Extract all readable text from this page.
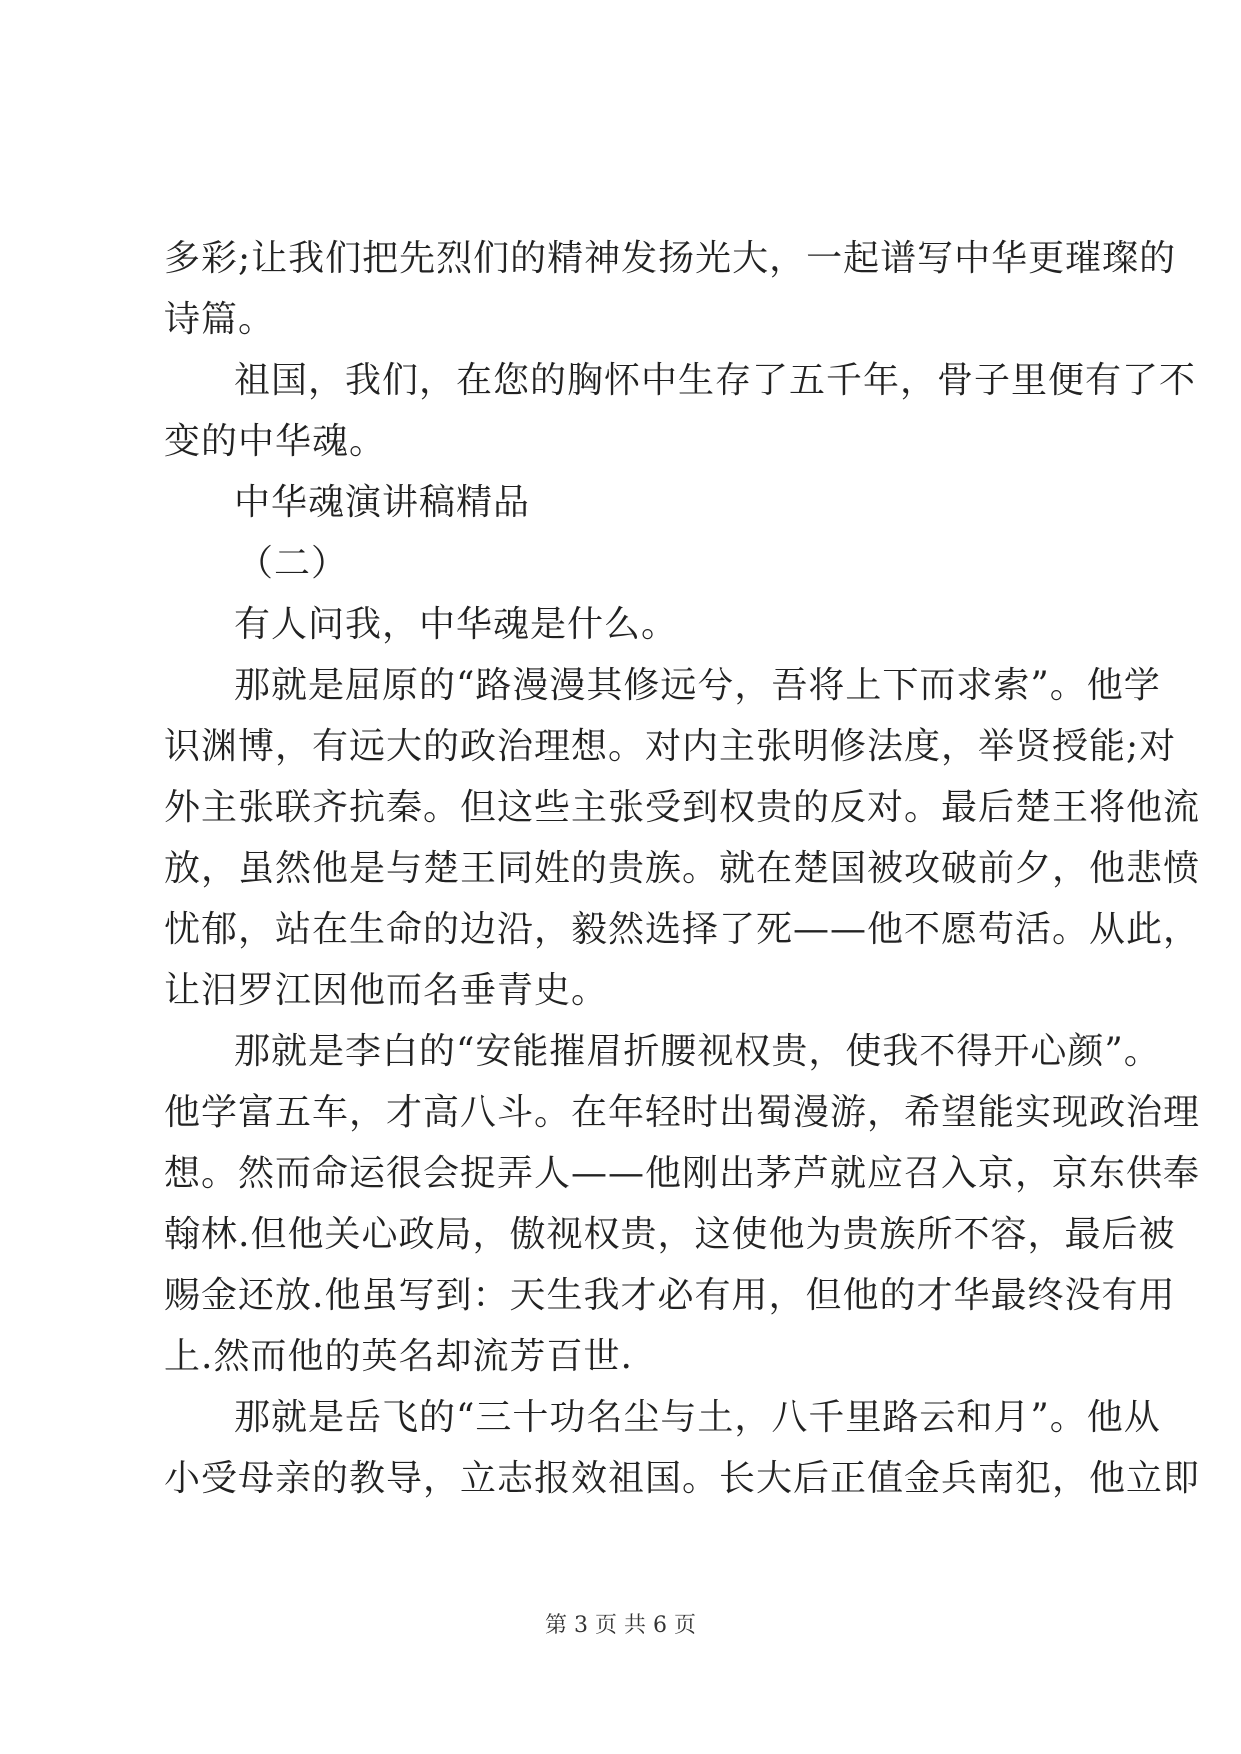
多彩;让我们把先烈们的精神发扬光大，一起谱写中华更璀璨的
诗篇。
祖国，我们，在您的胸怀中生存了五千年，骨子里便有了不
变的中华魂。
中华魂演讲稿精品
（二）
有人问我，中华魂是什么。
那就是屈原的“路漫漫其修远兮，吾将上下而求索”。他学
识渊博，有远大的政治理想。对内主张明修法度，举贤授能;对
外主张联齐抗秦。但这些主张受到权贵的反对。最后楚王将他流
放，虽然他是与楚王同姓的贵族。就在楚国被攻破前夕，他悲愤
忧郁，站在生命的边沿，毅然选择了死——他不愿苟活。从此，
让汨罗江因他而名垂青史。
那就是李白的“安能摧眉折腰视权贵，使我不得开心颜”。
他学富五车，才高八斗。在年轻时出蜀漫游，希望能实现政治理
想。然而命运很会捉弄人——他刚出茅芦就应召入京，京东供奉
翰林.但他关心政局，傲视权贵，这使他为贵族所不容，最后被
赐金还放.他虽写到：天生我才必有用，但他的才华最终没有用
上.然而他的英名却流芳百世.
那就是岳飞的“三十功名尘与土，八千里路云和月”。他从
小受母亲的教导，立志报效祖国。长大后正值金兵南犯，他立即
第 3 页 共 6 页
